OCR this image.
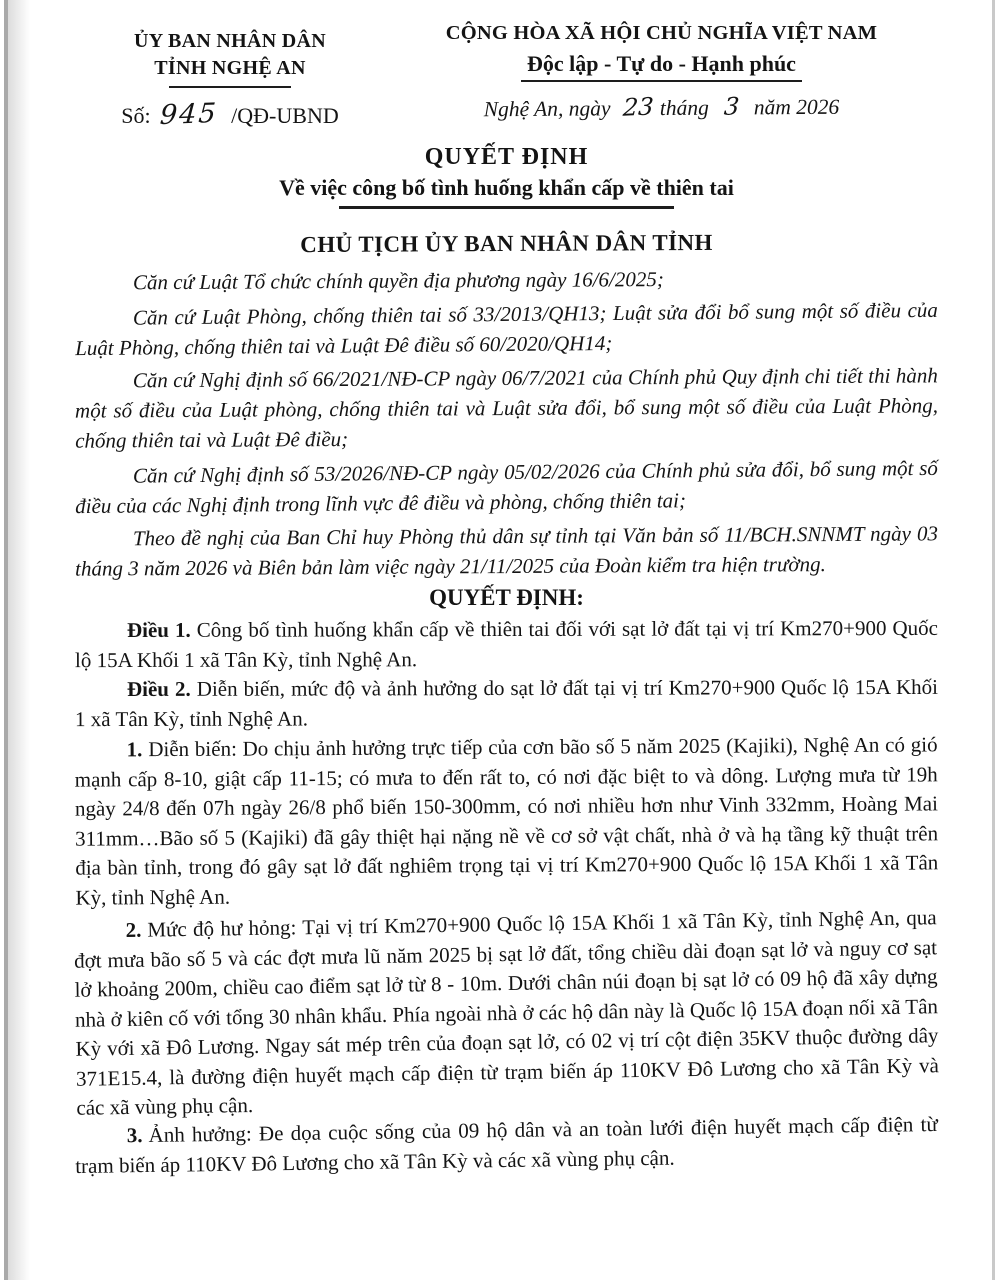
ỦY BAN NHÂN DÂN
TỈNH NGHỆ AN
Số: 945 /QĐ-UBND
CỘNG HÒA XÃ HỘI CHỦ NGHĨA VIỆT NAM
Độc lập - Tự do - Hạnh phúc
Nghệ An, ngày 23 tháng 3 năm 2026
QUYẾT ĐỊNH
Về việc công bố tình huống khẩn cấp về thiên tai
CHỦ TỊCH ỦY BAN NHÂN DÂN TỈNH

Căn cứ Luật Tổ chức chính quyền địa phương ngày 16/6/2025;

Căn cứ Luật Phòng, chống thiên tai số 33/2013/QH13; Luật sửa đổi bổ sung một số điều của Luật Phòng, chống thiên tai và Luật Đê điều số 60/2020/QH14;

Căn cứ Nghị định số 66/2021/NĐ-CP ngày 06/7/2021 của Chính phủ Quy định chi tiết thi hành một số điều của Luật phòng, chống thiên tai và Luật sửa đổi, bổ sung một số điều của Luật Phòng, chống thiên tai và Luật Đê điều;

Căn cứ Nghị định số 53/2026/NĐ-CP ngày 05/02/2026 của Chính phủ sửa đổi, bổ sung một số điều của các Nghị định trong lĩnh vực đê điều và phòng, chống thiên tai;

Theo đề nghị của Ban Chỉ huy Phòng thủ dân sự tỉnh tại Văn bản số 11/BCH.SNNMT ngày 03 tháng 3 năm 2026 và Biên bản làm việc ngày 21/11/2025 của Đoàn kiểm tra hiện trường.

QUYẾT ĐỊNH:

Điều 1. Công bố tình huống khẩn cấp về thiên tai đối với sạt lở đất tại vị trí Km270+900 Quốc lộ 15A Khối 1 xã Tân Kỳ, tỉnh Nghệ An.

Điều 2. Diễn biến, mức độ và ảnh hưởng do sạt lở đất tại vị trí Km270+900 Quốc lộ 15A Khối 1 xã Tân Kỳ, tỉnh Nghệ An.

1. Diễn biến: Do chịu ảnh hưởng trực tiếp của cơn bão số 5 năm 2025 (Kajiki), Nghệ An có gió mạnh cấp 8-10, giật cấp 11-15; có mưa to đến rất to, có nơi đặc biệt to và dông. Lượng mưa từ 19h ngày 24/8 đến 07h ngày 26/8 phổ biến 150-300mm, có nơi nhiều hơn như Vinh 332mm, Hoàng Mai 311mm…Bão số 5 (Kajiki) đã gây thiệt hại nặng nề về cơ sở vật chất, nhà ở và hạ tầng kỹ thuật trên địa bàn tỉnh, trong đó gây sạt lở đất nghiêm trọng tại vị trí Km270+900 Quốc lộ 15A Khối 1 xã Tân Kỳ, tỉnh Nghệ An.

2. Mức độ hư hỏng: Tại vị trí Km270+900 Quốc lộ 15A Khối 1 xã Tân Kỳ, tỉnh Nghệ An, qua đợt mưa bão số 5 và các đợt mưa lũ năm 2025 bị sạt lở đất, tổng chiều dài đoạn sạt lở và nguy cơ sạt lở khoảng 200m, chiều cao điểm sạt lở từ 8 - 10m. Dưới chân núi đoạn bị sạt lở có 09 hộ đã xây dựng nhà ở kiên cố với tổng 30 nhân khẩu. Phía ngoài nhà ở các hộ dân này là Quốc lộ 15A đoạn nối xã Tân Kỳ với xã Đô Lương. Ngay sát mép trên của đoạn sạt lở, có 02 vị trí cột điện 35KV thuộc đường dây 371E15.4, là đường điện huyết mạch cấp điện từ trạm biến áp 110KV Đô Lương cho xã Tân Kỳ và các xã vùng phụ cận.

3. Ảnh hưởng: Đe dọa cuộc sống của 09 hộ dân và an toàn lưới điện huyết mạch cấp điện từ trạm biến áp 110KV Đô Lương cho xã Tân Kỳ và các xã vùng phụ cận.
